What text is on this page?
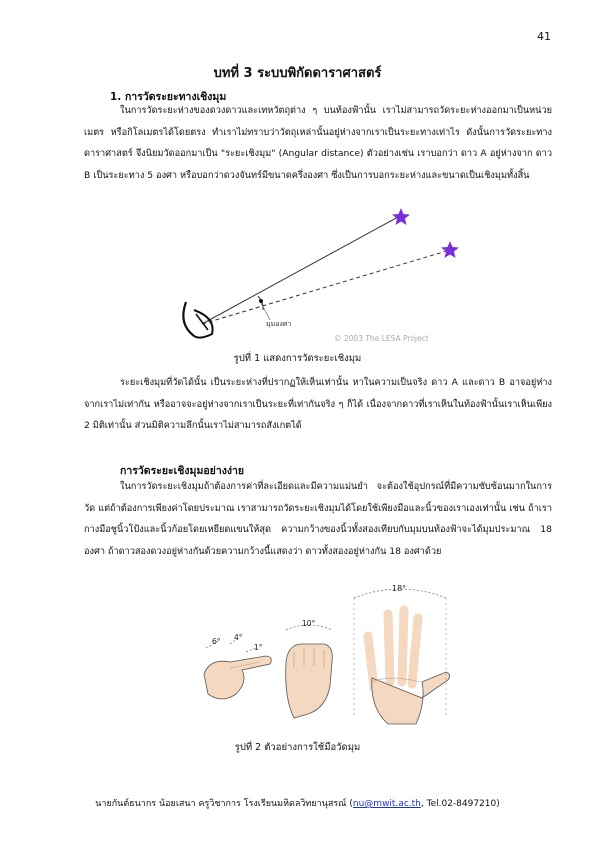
41
บทที่ 3 ระบบพิกัดดาราศาสตร์
1. การวัดระยะทางเชิงมุม

ในการวัดระยะห่างของดวงดาวและเทหวัตถุต่าง ๆ บนท้องฟ้านั้น เราไม่สามารถวัดระยะห่างออกมาเป็นหน่วยเมตร หรือกิโลเมตรได้โดยตรง ทำเราไม่ทราบว่าวัตถุเหล่านั้นอยู่ห่างจากเราเป็นระยะทางเท่าไร ดังนั้นการวัดระยะทางดาราศาสตร์ จึงนิยมวัดออกมาเป็น "ระยะเชิงมุม" (Angular distance) ตัวอย่างเช่น เราบอกว่า ดาว A อยู่ห่างจาก ดาว B เป็นระยะทาง 5 องศา หรือบอกว่าดวงจันทร์มีขนาดครึ่งองศา ซึ่งเป็นการบอกระยะห่างและขนาดเป็นเชิงมุมทั้งสิ้น

มุมองศา
© 2003 The LESA Project
รูปที่ 1 แสดงการวัดระยะเชิงมุม

ระยะเชิงมุมที่วัดได้นั้น เป็นระยะห่างที่ปรากฏให้เห็นเท่านั้น หาในความเป็นจริง ดาว A และดาว B อาจอยู่ห่างจากเราไม่เท่ากัน หรืออาจจะอยู่ห่างจากเราเป็นระยะที่เท่ากันจริง ๆ ก็ได้ เนื่องจากดาวที่เราเห็นในท้องฟ้านั้นเราเห็นเพียง 2 มิติเท่านั้น ส่วนมิติความลึกนั้นเราไม่สามารถสังเกตได้

การวัดระยะเชิงมุมอย่างง่าย

ในการวัดระยะเชิงมุมถ้าต้องการค่าที่ละเอียดและมีความแม่นยำ จะต้องใช้อุปกรณ์ที่มีความซับซ้อนมากในการวัด แต่ถ้าต้องการเพียงค่าโดยประมาณ เราสามารถวัดระยะเชิงมุมได้โดยใช้เพียงมือและนิ้วของเราเองเท่านั้น เช่น ถ้าเรากางมือชูนิ้วโป้งและนิ้วก้อยโดยเหยียดแขนให้สุด ความกว้างของนิ้วทั้งสองเทียบกับมุมบนท้องฟ้าจะได้มุมประมาณ 18 องศา ถ้าดาวสองดวงอยู่ห่างกันด้วยความกว้างนี้แสดงว่า ดาวทั้งสองอยู่ห่างกัน 18 องศาด้วย

6° 4°
1°
10°
18°
รูปที่ 2 ตัวอย่างการใช้มือวัดมุม
นายกันต์ธนากร น้อยเสนา ครูวิชาการ โรงเรียนมหิดลวิทยานุสรณ์ (nu@mwit.ac.th, Tel.02-8497210)
